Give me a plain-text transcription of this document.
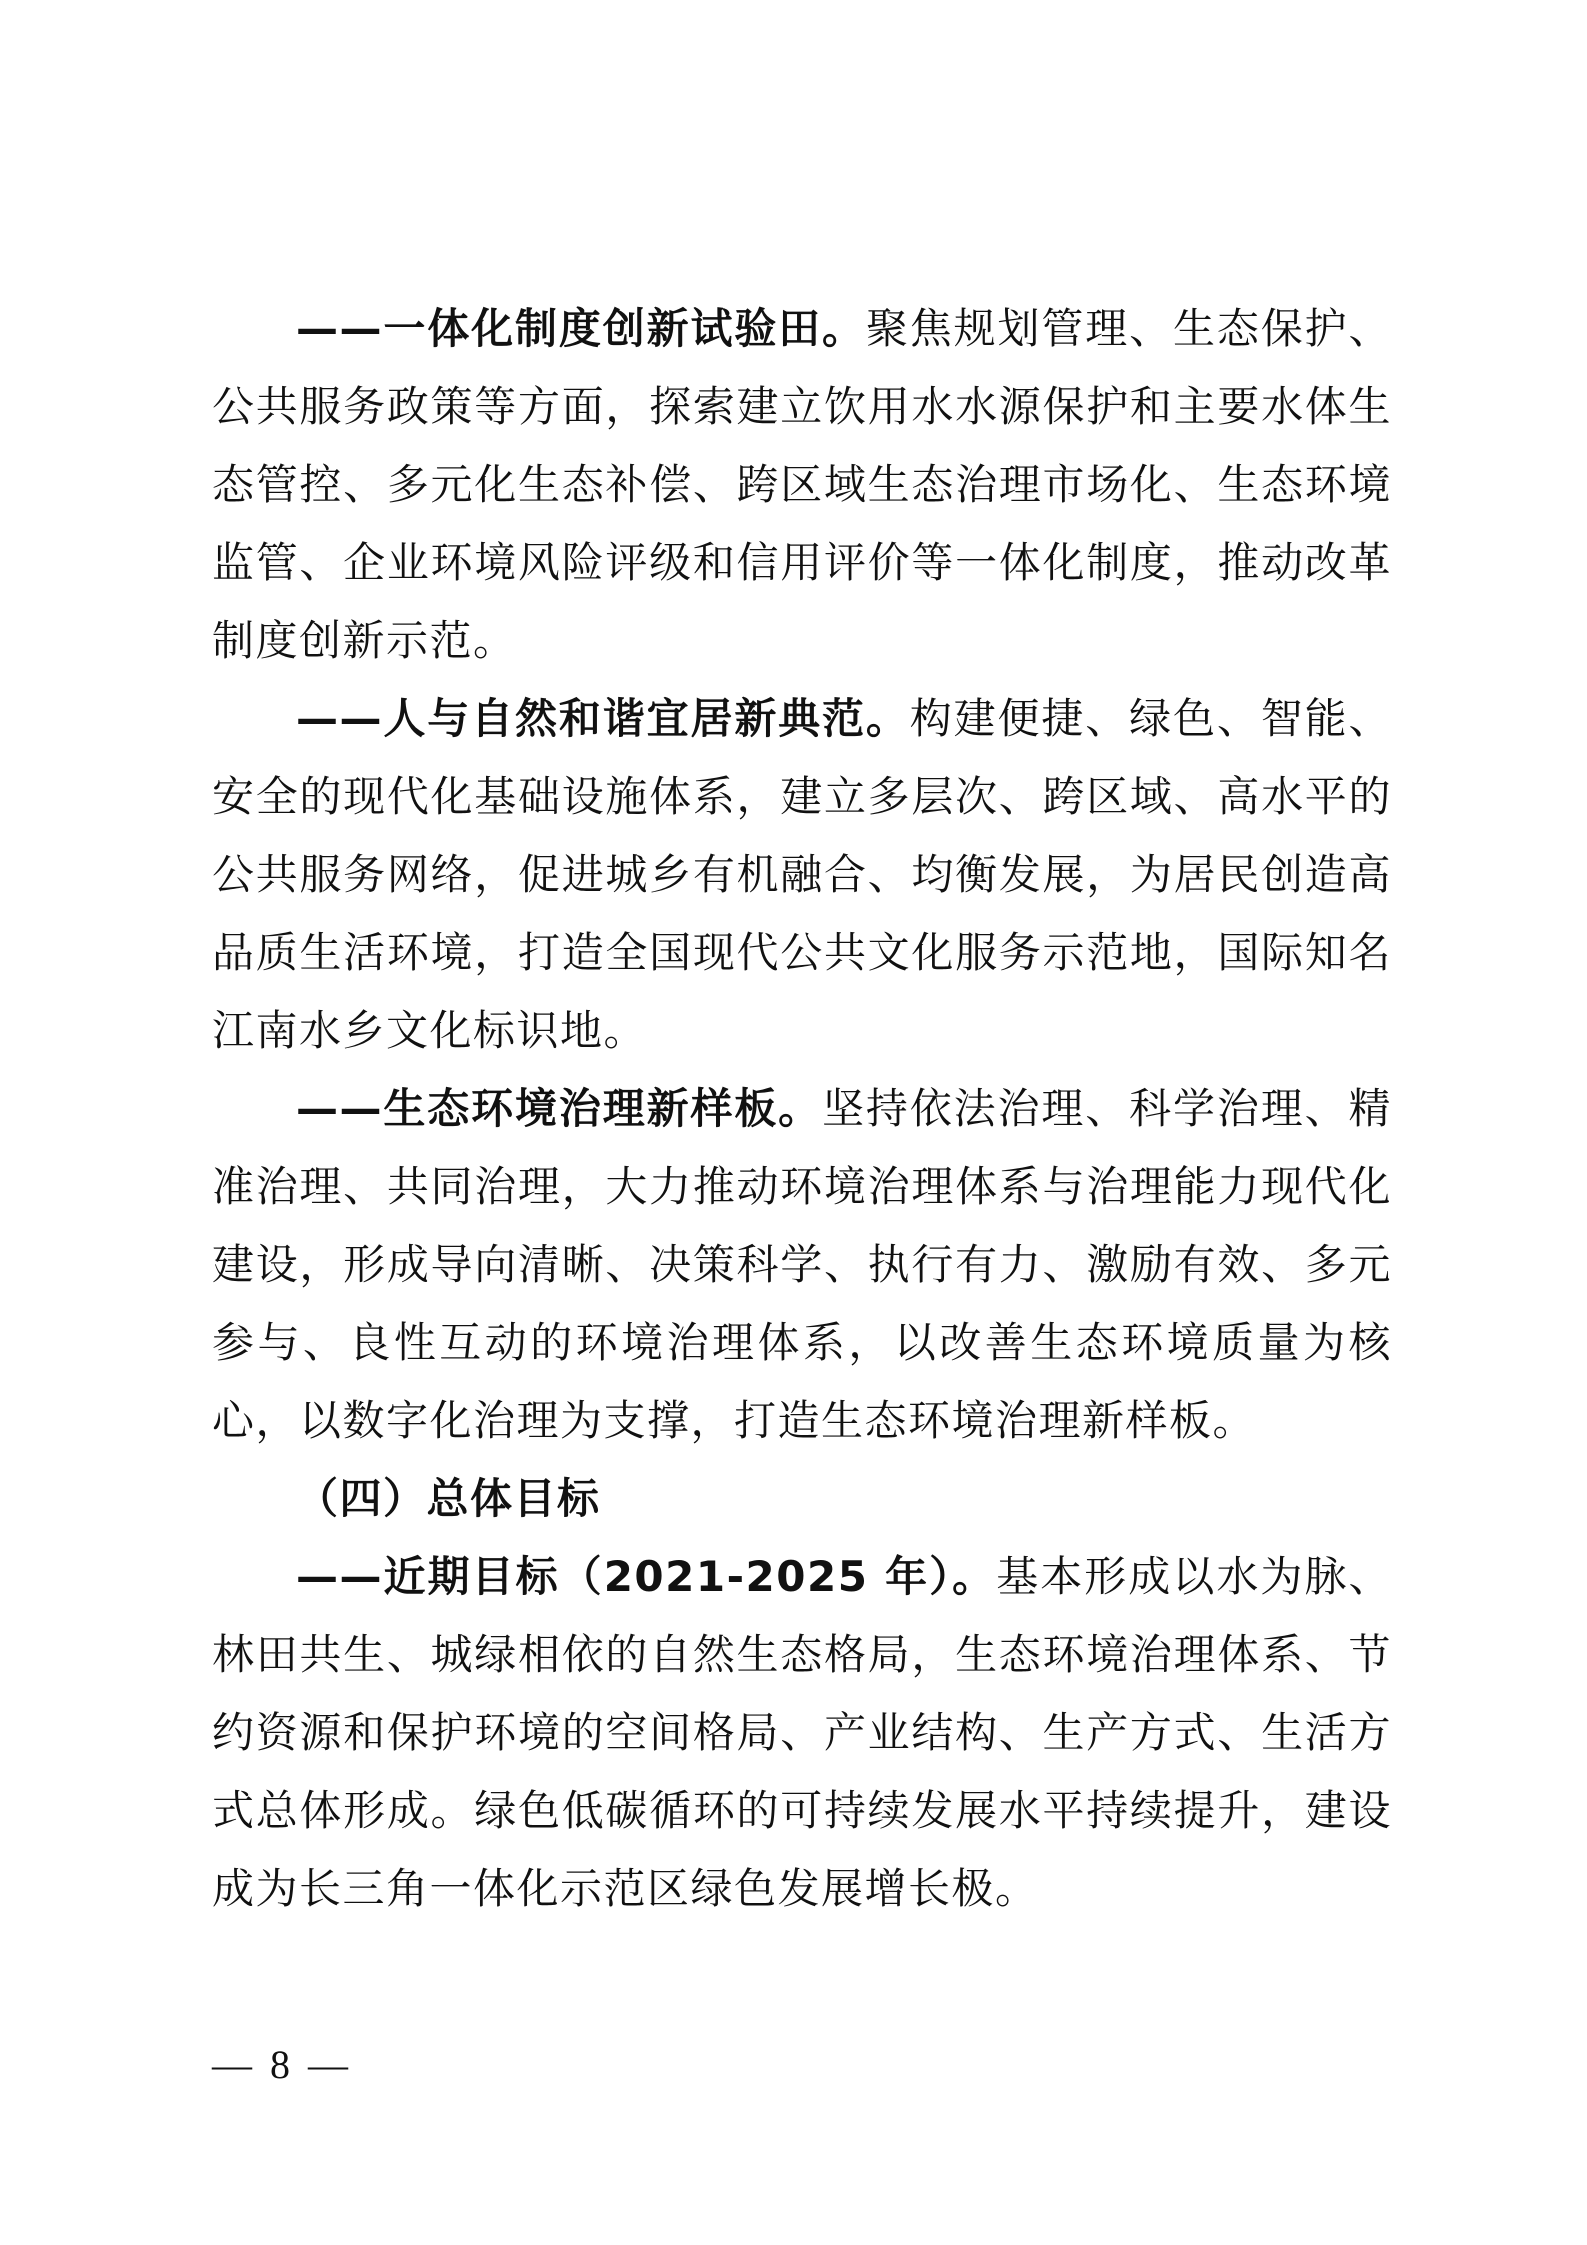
——一体化制度创新试验田。聚焦规划管理、生态保护、公共服务政策等方面，探索建立饮用水水源保护和主要水体生态管控、多元化生态补偿、跨区域生态治理市场化、生态环境监管、企业环境风险评级和信用评价等一体化制度，推动改革制度创新示范。

——人与自然和谐宜居新典范。构建便捷、绿色、智能、安全的现代化基础设施体系，建立多层次、跨区域、高水平的公共服务网络，促进城乡有机融合、均衡发展，为居民创造高品质生活环境，打造全国现代公共文化服务示范地，国际知名江南水乡文化标识地。

——生态环境治理新样板。坚持依法治理、科学治理、精准治理、共同治理，大力推动环境治理体系与治理能力现代化建设，形成导向清晰、决策科学、执行有力、激励有效、多元参与、良性互动的环境治理体系，以改善生态环境质量为核心，以数字化治理为支撑，打造生态环境治理新样板。

（四）总体目标

——近期目标（2021-2025 年）。基本形成以水为脉、林田共生、城绿相依的自然生态格局，生态环境治理体系、节约资源和保护环境的空间格局、产业结构、生产方式、生活方式总体形成。绿色低碳循环的可持续发展水平持续提升，建设成为长三角一体化示范区绿色发展增长极。

— 8 —
